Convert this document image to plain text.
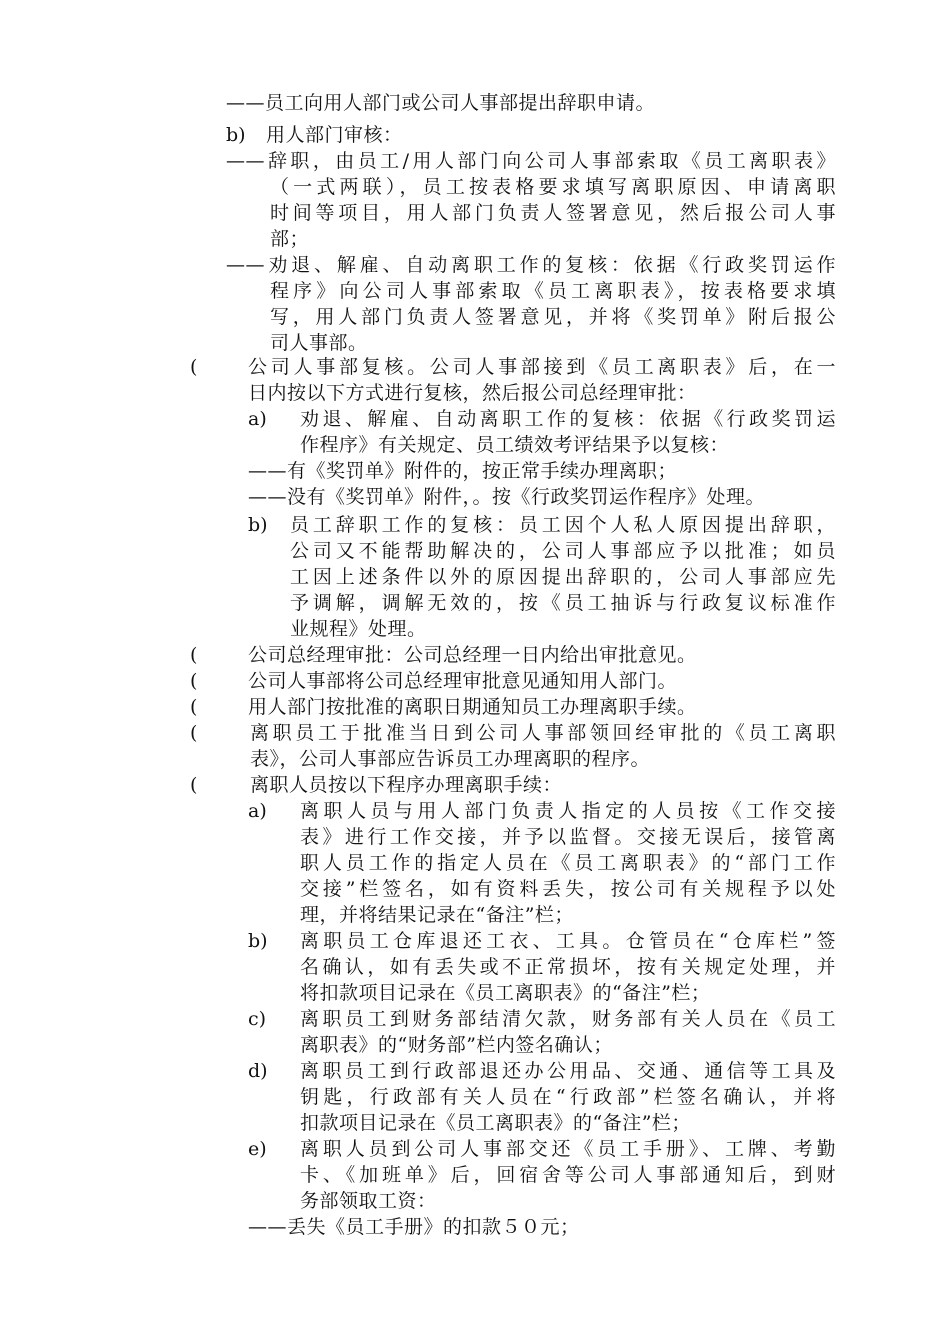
——员工向用人部门或公司人事部提出辞职申请。
b) 用人部门审核：
——辞职，由员工/用人部门向公司人事部索取《员工离职表》
（一式两联），员工按表格要求填写离职原因、申请离职
时间等项目，用人部门负责人签署意见，然后报公司人事
部；
——劝退、解雇、自动离职工作的复核：依据《行政奖罚运作
程序》向公司人事部索取《员工离职表》，按表格要求填
写，用人部门负责人签署意见，并将《奖罚单》附后报公
司人事部。
(	公司人事部复核。公司人事部接到《员工离职表》后，在一
日内按以下方式进行复核，然后报公司总经理审批：
a) 劝退、解雇、自动离职工作的复核：依据《行政奖罚运
作程序》有关规定、员工绩效考评结果予以复核：
——有《奖罚单》附件的，按正常手续办理离职；
——没有《奖罚单》附件，。按《行政奖罚运作程序》处理。
b) 员工辞职工作的复核：员工因个人私人原因提出辞职，
公司又不能帮助解决的，公司人事部应予以批准；如员
工因上述条件以外的原因提出辞职的，公司人事部应先
予调解，调解无效的，按《员工抽诉与行政复议标准作
业规程》处理。
(	公司总经理审批：公司总经理一日内给出审批意见。
(	公司人事部将公司总经理审批意见通知用人部门。
(	用人部门按批准的离职日期通知员工办理离职手续。
(	离职员工于批准当日到公司人事部领回经审批的《员工离职
表》，公司人事部应告诉员工办理离职的程序。
(	离职人员按以下程序办理离职手续：
a) 离职人员与用人部门负责人指定的人员按《工作交接
表》进行工作交接，并予以监督。交接无误后，接管离
职人员工作的指定人员在《员工离职表》的“部门工作
交接”栏签名，如有资料丢失，按公司有关规程予以处
理，并将结果记录在“备注”栏；
b) 离职员工仓库退还工衣、工具。仓管员在“仓库栏”签
名确认，如有丢失或不正常损坏，按有关规定处理，并
将扣款项目记录在《员工离职表》的“备注”栏；
c) 离职员工到财务部结清欠款，财务部有关人员在《员工
离职表》的“财务部”栏内签名确认；
d) 离职员工到行政部退还办公用品、交通、通信等工具及
钥匙，行政部有关人员在“行政部”栏签名确认，并将
扣款项目记录在《员工离职表》的“备注”栏；
e) 离职人员到公司人事部交还《员工手册》、工牌、考勤
卡、《加班单》后，回宿舍等公司人事部通知后，到财
务部领取工资：
——丢失《员工手册》的扣款５０元；
